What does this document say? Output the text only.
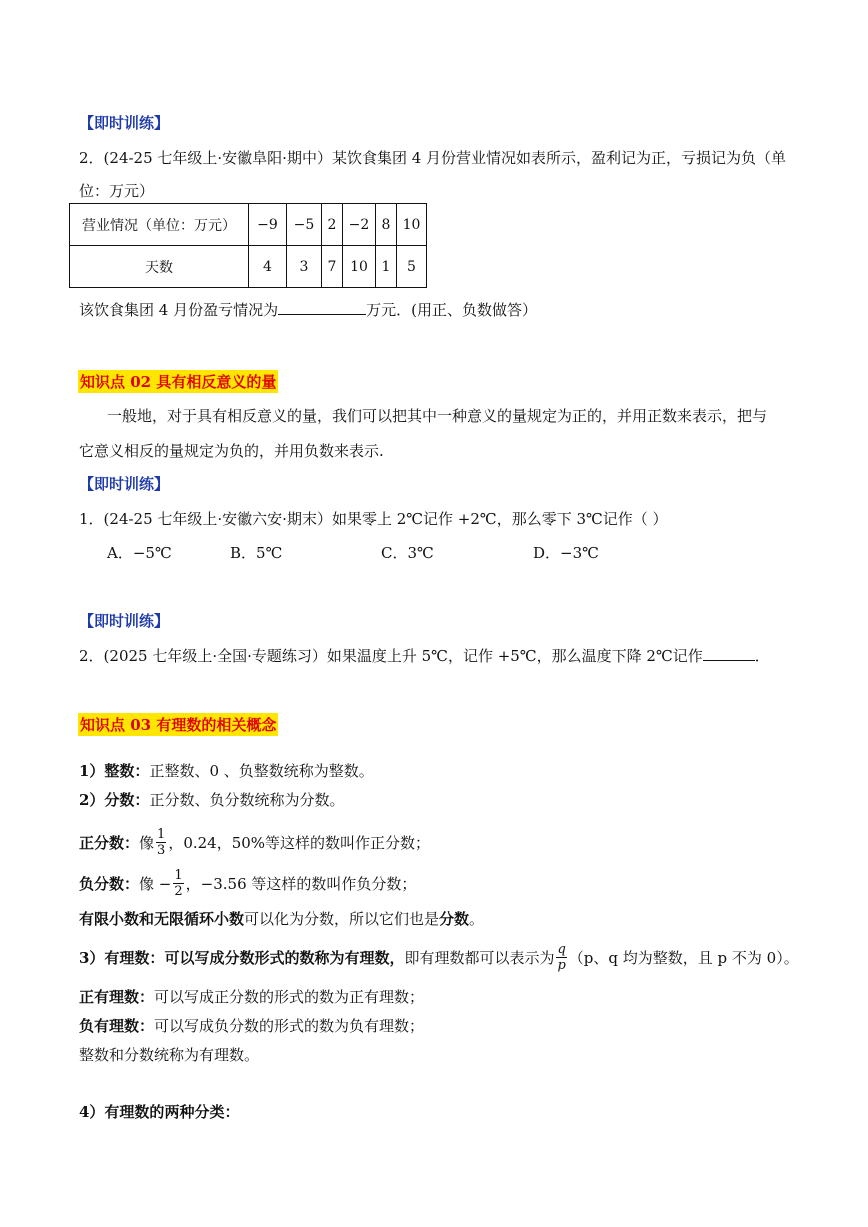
【即时训练】
2．(24-25 七年级上·安徽阜阳·期中）某饮食集团 4 月份营业情况如表所示，盈利记为正，亏损记为负（单
位：万元）
营业情况（单位：万元）	−9	−5	2	−2	8	10
天数	4	3	7	10	1	5
该饮食集团 4 月份盈亏情况为	万元．(用正、负数做答）
知识点 02 具有相反意义的量
一般地，对于具有相反意义的量，我们可以把其中一种意义的量规定为正的，并用正数来表示，把与
它意义相反的量规定为负的，并用负数来表示.
【即时训练】
1．(24-25 七年级上·安徽六安·期末）如果零上 2℃记作 +2℃，那么零下 3℃记作（ ）
A．−5℃	B．5℃	C．3℃	D．−3℃
【即时训练】
2．(2025 七年级上·全国·专题练习）如果温度上升 5℃，记作 +5℃，那么温度下降 2℃记作	．
知识点 03 有理数的相关概念
1）整数：正整数、0 、负整数统称为整数。
2）分数：正分数、负分数统称为分数。
正分数： 像 $\frac{1}{3}$ ，0.24，50%等这样的数叫作正分数；
负分数： 像 − $\frac{1}{2}$ ，−3.56 等这样的数叫作负分数；
有限小数和无限循环小数可以化为分数，所以它们也是分数。
3）有理数：可以写成分数形式的数称为有理数， 即有理数都可以表示为 $\frac{q}{p} (p$、q 均为整数，且 p 不为 0）。
正有理数：可以写成正分数的形式的数为正有理数；
负有理数：可以写成负分数的形式的数为负有理数；
整数和分数统称为有理数。
4）有理数的两种分类：
